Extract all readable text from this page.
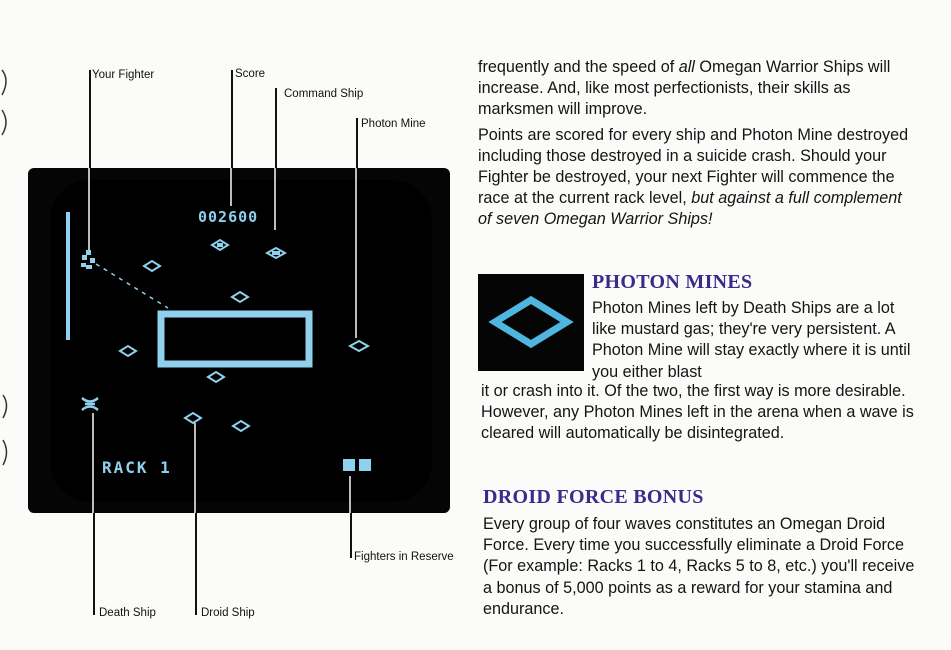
Your Fighter	Score
Command Ship
Photon Mine
Death Ship	Droid Ship
Fighters in Reserve
002600
RACK 1

frequently and the speed of all Omegan Warrior Ships will increase. And, like most perfectionists, their skills as marksmen will improve.

Points are scored for every ship and Photon Mine destroyed including those destroyed in a suicide crash. Should your Fighter be destroyed, your next Fighter will commence the race at the current rack level, but against a full complement of seven Omegan Warrior Ships!

PHOTON MINES

Photon Mines left by Death Ships are a lot like mustard gas; they're very persistent. A Photon Mine will stay exactly where it is until you either blast

it or crash into it. Of the two, the first way is more desirable. However, any Photon Mines left in the arena when a wave is cleared will automatically be disintegrated.

DROID FORCE BONUS

Every group of four waves constitutes an Omegan Droid Force. Every time you successfully eliminate a Droid Force (For example: Racks 1 to 4, Racks 5 to 8, etc.) you'll receive a bonus of 5,000 points as a reward for your stamina and endurance.
